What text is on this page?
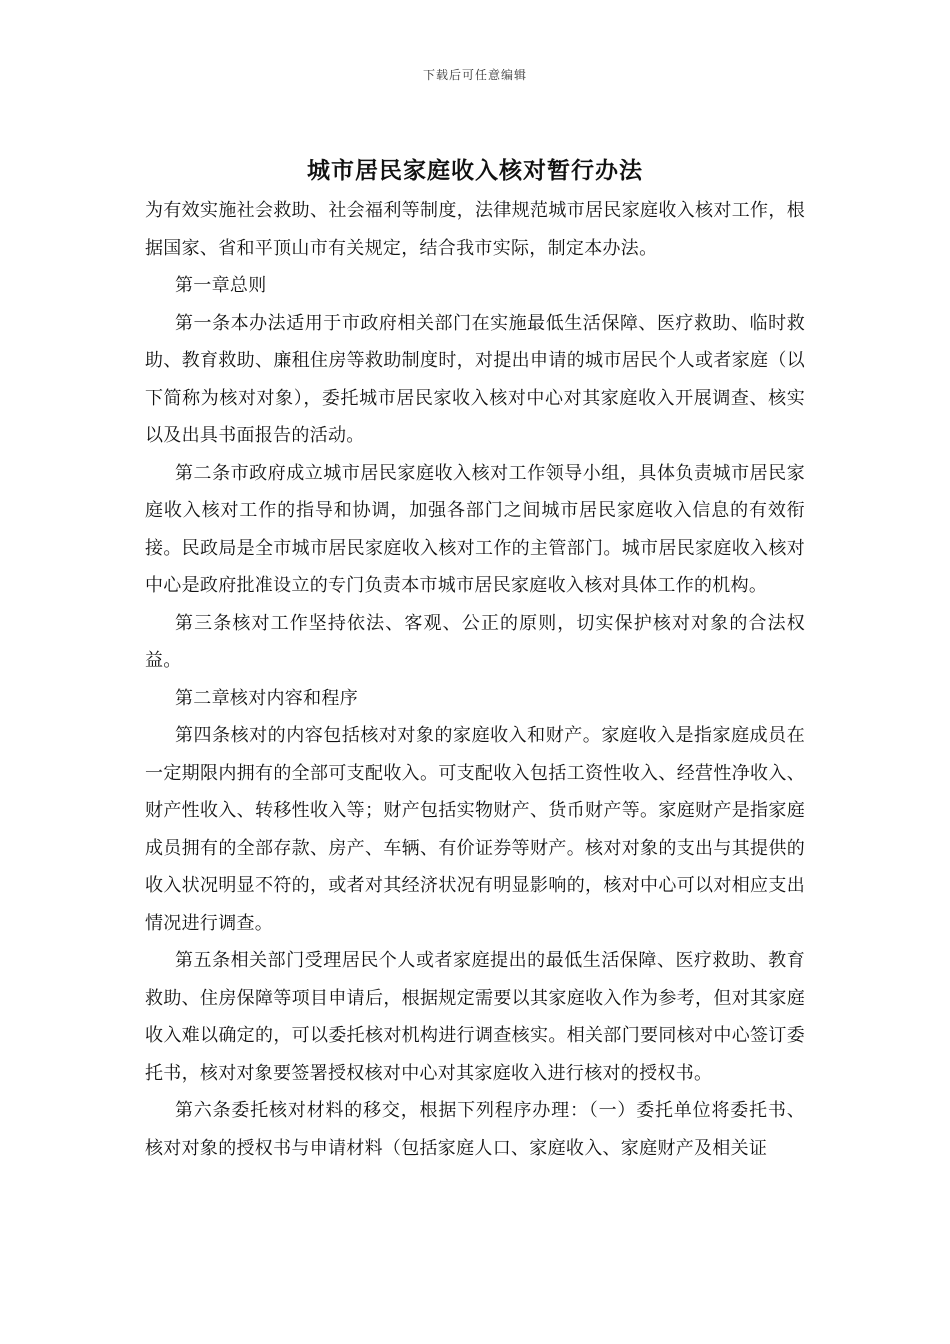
下载后可任意编辑
城市居民家庭收入核对暂行办法

为有效实施社会救助、社会福利等制度，法律规范城市居民家庭收入核对工作，根据国家、省和平顶山市有关规定，结合我市实际，制定本办法。

第一章总则

第一条本办法适用于市政府相关部门在实施最低生活保障、医疗救助、临时救助、教育救助、廉租住房等救助制度时，对提出申请的城市居民个人或者家庭（以下简称为核对对象），委托城市居民家收入核对中心对其家庭收入开展调查、核实以及出具书面报告的活动。

第二条市政府成立城市居民家庭收入核对工作领导小组，具体负责城市居民家庭收入核对工作的指导和协调，加强各部门之间城市居民家庭收入信息的有效衔接。民政局是全市城市居民家庭收入核对工作的主管部门。城市居民家庭收入核对中心是政府批准设立的专门负责本市城市居民家庭收入核对具体工作的机构。

第三条核对工作坚持依法、客观、公正的原则，切实保护核对对象的合法权益。

第二章核对内容和程序

第四条核对的内容包括核对对象的家庭收入和财产。家庭收入是指家庭成员在一定期限内拥有的全部可支配收入。可支配收入包括工资性收入、经营性净收入、财产性收入、转移性收入等；财产包括实物财产、货币财产等。家庭财产是指家庭成员拥有的全部存款、房产、车辆、有价证券等财产。核对对象的支出与其提供的收入状况明显不符的，或者对其经济状况有明显影响的，核对中心可以对相应支出情况进行调查。

第五条相关部门受理居民个人或者家庭提出的最低生活保障、医疗救助、教育救助、住房保障等项目申请后，根据规定需要以其家庭收入作为参考，但对其家庭收入难以确定的，可以委托核对机构进行调查核实。相关部门要同核对中心签订委托书，核对对象要签署授权核对中心对其家庭收入进行核对的授权书。

第六条委托核对材料的移交，根据下列程序办理：（一）委托单位将委托书、核对对象的授权书与申请材料（包括家庭人口、家庭收入、家庭财产及相关证
